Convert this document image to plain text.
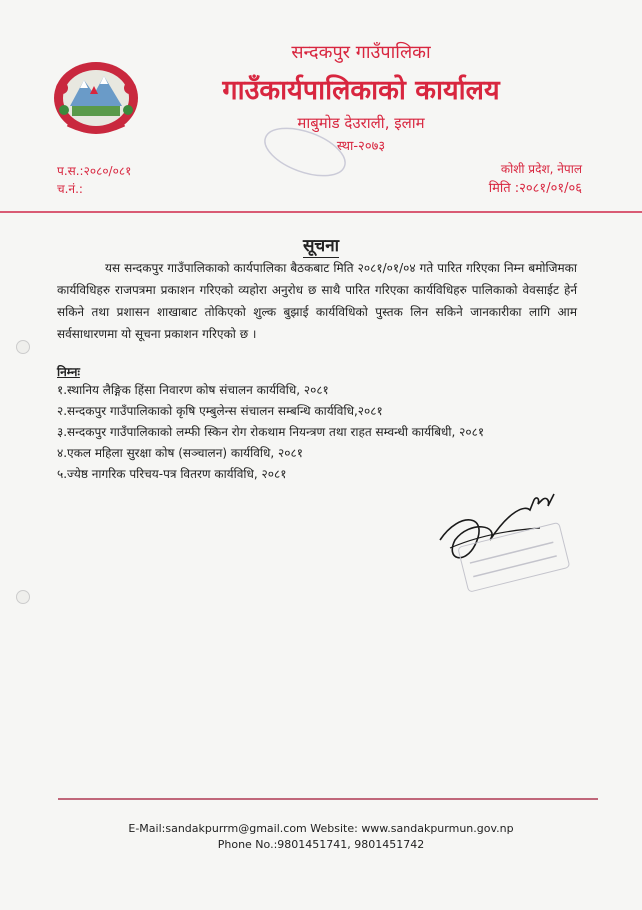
सन्दकपुर गाउँपालिका
गाउँकार्यपालिकाको कार्यालय
माबुमोड देउराली, इलाम
स्था-२०७३
प.स.:२०८०/०८१
च.नं.:
कोशी प्रदेश, नेपाल
मिति :२०८१/०१/०६
सूचना
यस सन्दकपुर गाउँपालिकाको कार्यपालिका बैठकबाट मिति २०८१/०१/०४ गते पारित गरिएका निम्न बमोजिमका कार्यविधिहरु राजपत्रमा प्रकाशन गरिएको व्यहोरा अनुरोध छ साथै पारित गरिएका कार्यविधिहरु पालिकाको वेवसाईट हेर्न सकिने तथा प्रशासन शाखाबाट तोकिएको शुल्क बुझाई कार्यविधिको पुस्तक लिन सकिने जानकारीका लागि आम सर्वसाधारणमा यो सूचना प्रकाशन गरिएको छ ।
निम्नः
१.स्थानिय लैङ्गिक हिंसा निवारण कोष संचालन कार्यविधि, २०८१
२.सन्दकपुर गाउँपालिकाको कृषि एम्बुलेन्स संचालन सम्बन्धि कार्यविधि,२०८१
३.सन्दकपुर गाउँपालिकाको लम्फी स्किन रोग रोकथाम नियन्त्रण तथा राहत सम्वन्धी कार्यबिधी, २०८१
४.एकल महिला सुरक्षा कोष (सञ्चालन) कार्यविधि, २०८१
५.ज्येष्ठ नागरिक परिचय-पत्र वितरण कार्यविधि, २०८१
E-Mail:sandakpurrm@gmail.com Website: www.sandakpurmun.gov.np
Phone No.:9801451741, 9801451742
